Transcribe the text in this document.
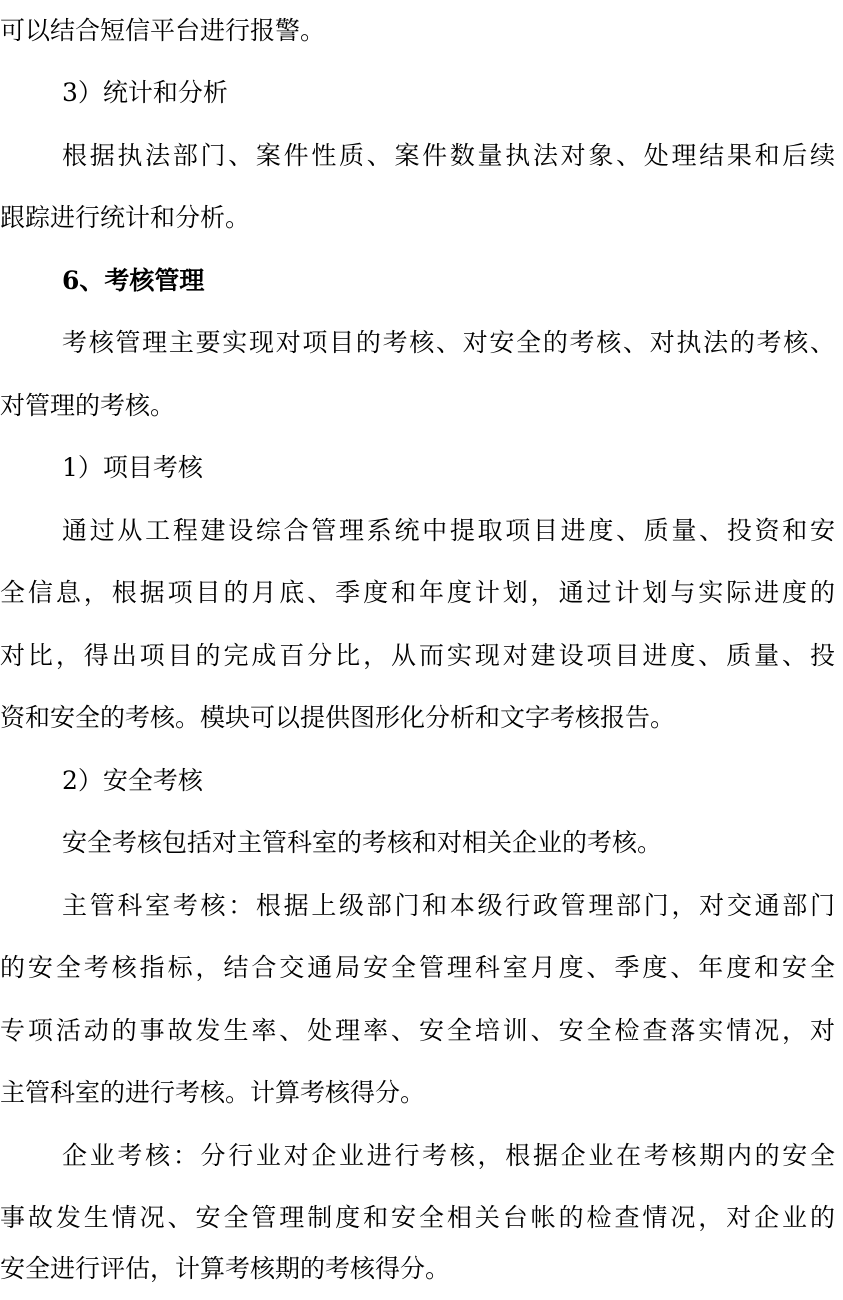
可以结合短信平台进行报警。
3）统计和分析
根据执法部门、案件性质、案件数量执法对象、处理结果和后续
跟踪进行统计和分析。
6、考核管理
考核管理主要实现对项目的考核、对安全的考核、对执法的考核、
对管理的考核。
1）项目考核
通过从工程建设综合管理系统中提取项目进度、质量、投资和安
全信息，根据项目的月底、季度和年度计划，通过计划与实际进度的
对比，得出项目的完成百分比，从而实现对建设项目进度、质量、投
资和安全的考核。模块可以提供图形化分析和文字考核报告。
2）安全考核
安全考核包括对主管科室的考核和对相关企业的考核。
主管科室考核：根据上级部门和本级行政管理部门，对交通部门
的安全考核指标，结合交通局安全管理科室月度、季度、年度和安全
专项活动的事故发生率、处理率、安全培训、安全检查落实情况，对
主管科室的进行考核。计算考核得分。
企业考核：分行业对企业进行考核，根据企业在考核期内的安全
事故发生情况、安全管理制度和安全相关台帐的检查情况，对企业的
安全进行评估，计算考核期的考核得分。
